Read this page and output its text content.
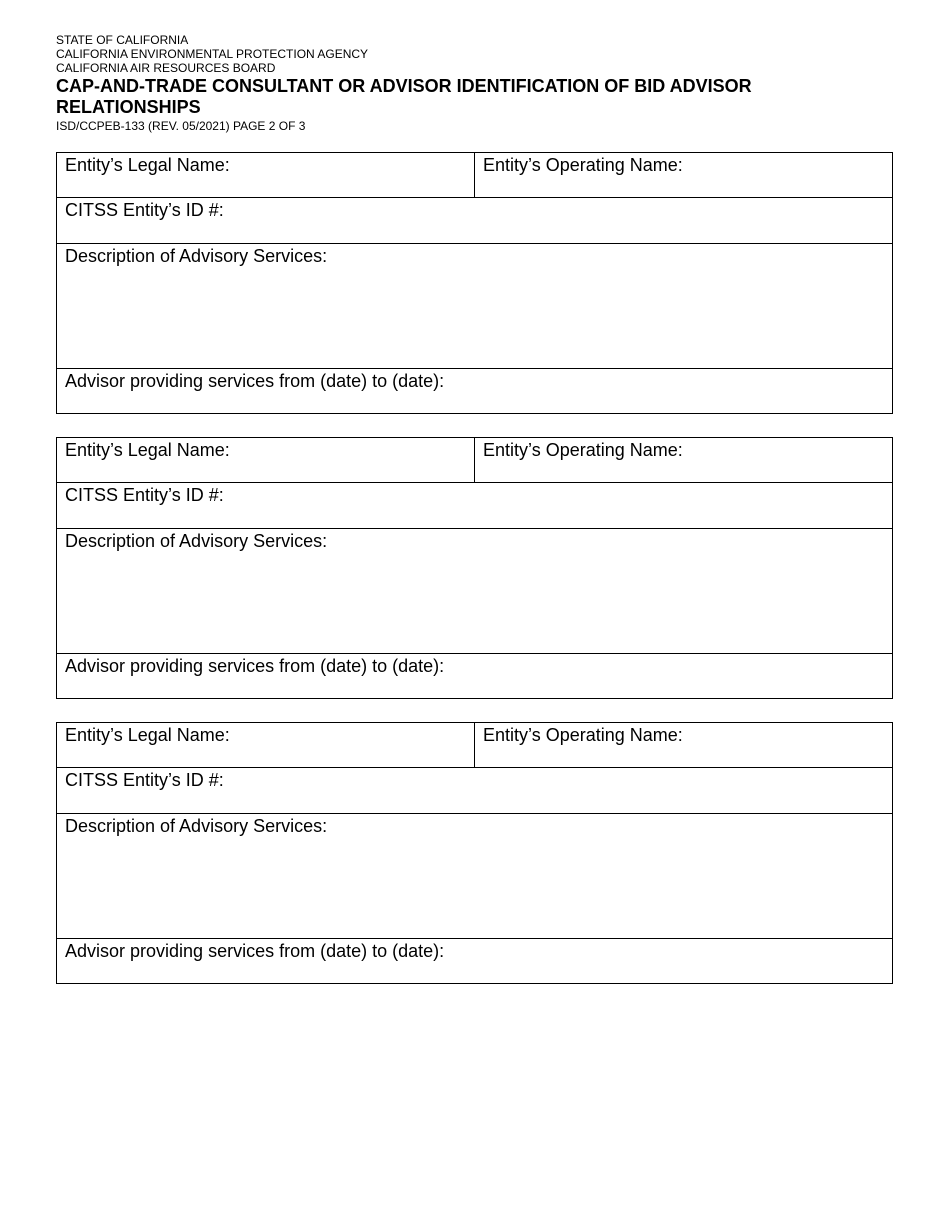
STATE OF CALIFORNIA
CALIFORNIA ENVIRONMENTAL PROTECTION AGENCY
CALIFORNIA AIR RESOURCES BOARD
CAP-AND-TRADE CONSULTANT OR ADVISOR IDENTIFICATION OF BID ADVISOR RELATIONSHIPS
ISD/CCPEB-133 (REV. 05/2021) PAGE 2 OF 3
Entity’s Legal Name:	Entity’s Operating Name:
CITSS Entity’s ID #:
Description of Advisory Services:
Advisor providing services from (date) to (date):
Entity’s Legal Name:	Entity’s Operating Name:
CITSS Entity’s ID #:
Description of Advisory Services:
Advisor providing services from (date) to (date):
Entity’s Legal Name:	Entity’s Operating Name:
CITSS Entity’s ID #:
Description of Advisory Services:
Advisor providing services from (date) to (date):
